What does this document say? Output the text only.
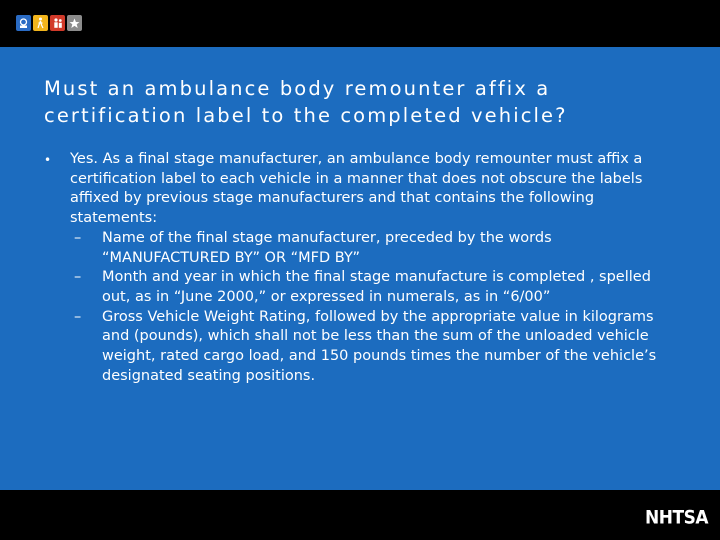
Must an ambulance body remounter affix a certification label to the completed vehicle?
•	Yes. As a final stage manufacturer, an ambulance body remounter must affix a certification label to each vehicle in a manner that does not obscure the labels affixed by previous stage manufacturers and that contains the following statements:
–	Name of the final stage manufacturer, preceded by the words “MANUFACTURED BY” OR “MFD BY”
–	Month and year in which the final stage manufacture is completed , spelled out, as in “June 2000,” or expressed in numerals, as in “6/00”
–	Gross Vehicle Weight Rating, followed by the appropriate value in kilograms and (pounds), which shall not be less than the sum of the unloaded vehicle weight, rated cargo load, and 150 pounds times the number of the vehicle’s designated seating positions.
NHTSA
